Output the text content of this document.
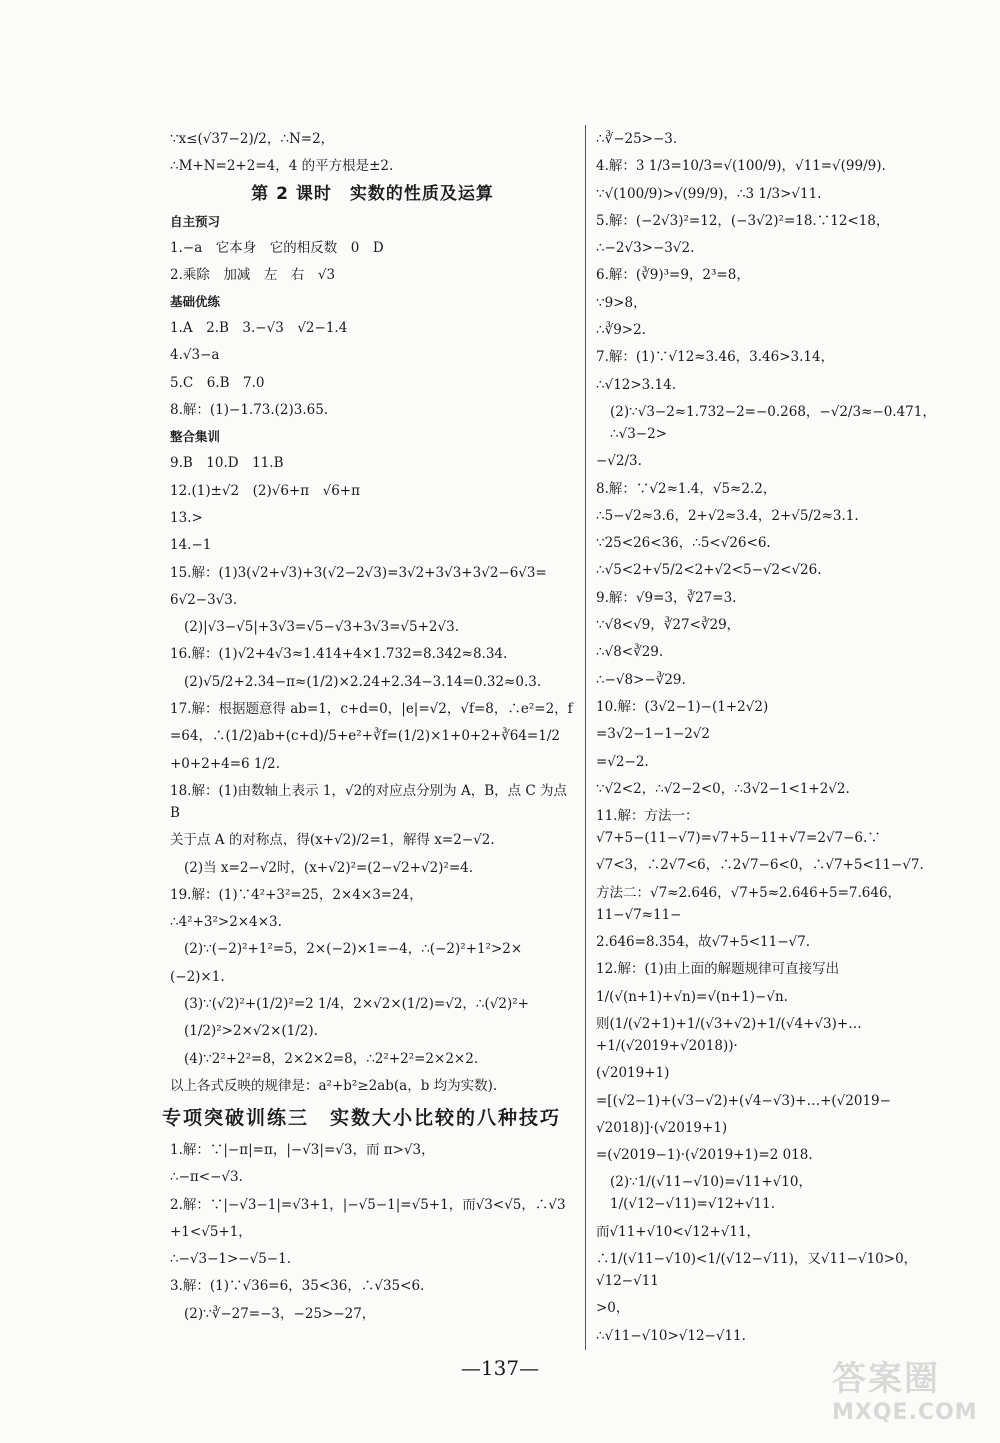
∵x≤(√37−2)/2，∴N=2，
∴M+N=2+2=4，4 的平方根是±2.
第 2 课时　实数的性质及运算
自主预习
1.−a　它本身　它的相反数　0　D
2.乘除　加减　左　右　√3
基础优练
1.A　2.B　3.−√3　√2−1.4
4.√3−a
5.C　6.B　7.0
8.解：(1)−1.73.(2)3.65.
整合集训
9.B　10.D　11.B
12.(1)±√2　(2)√6+π　√6+π
13.>
14.−1
15.解：(1)3(√2+√3)+3(√2−2√3)=3√2+3√3+3√2−6√3=
6√2−3√3.
(2)|√3−√5|+3√3=√5−√3+3√3=√5+2√3.
16.解：(1)√2+4√3≈1.414+4×1.732=8.342≈8.34.
(2)√5/2+2.34−π≈(1/2)×2.24+2.34−3.14=0.32≈0.3.
17.解：根据题意得 ab=1，c+d=0，|e|=√2，√f=8，∴e²=2，f
=64，∴(1/2)ab+(c+d)/5+e²+∛f=(1/2)×1+0+2+∛64=1/2
+0+2+4=6 1/2.
18.解：(1)由数轴上表示 1，√2的对应点分别为 A，B，点 C 为点 B
关于点 A 的对称点，得(x+√2)/2=1，解得 x=2−√2.
(2)当 x=2−√2时，(x+√2)²=(2−√2+√2)²=4.
19.解：(1)∵4²+3²=25，2×4×3=24，
∴4²+3²>2×4×3.
(2)∵(−2)²+1²=5，2×(−2)×1=−4，∴(−2)²+1²>2×
(−2)×1.
(3)∵(√2)²+(1/2)²=2 1/4，2×√2×(1/2)=√2，∴(√2)²+
(1/2)²>2×√2×(1/2).
(4)∵2²+2²=8，2×2×2=8，∴2²+2²=2×2×2.
以上各式反映的规律是：a²+b²≥2ab(a，b 均为实数).
专项突破训练三　实数大小比较的八种技巧
1.解：∵|−π|=π，|−√3|=√3，而 π>√3，
∴−π<−√3.
2.解：∵|−√3−1|=√3+1，|−√5−1|=√5+1，而√3<√5，∴√3
+1<√5+1，
∴−√3−1>−√5−1.
3.解：(1)∵√36=6，35<36，∴√35<6.
(2)∵∛−27=−3，−25>−27，
∴∛−25>−3.
4.解：3 1/3=10/3=√(100/9)，√11=√(99/9).
∵√(100/9)>√(99/9)，∴3 1/3>√11.
5.解：(−2√3)²=12，(−3√2)²=18.∵12<18，
∴−2√3>−3√2.
6.解：(∛9)³=9，2³=8，
∵9>8，
∴∛9>2.
7.解：(1)∵√12≈3.46，3.46>3.14，
∴√12>3.14.
(2)∵√3−2≈1.732−2=−0.268，−√2/3≈−0.471，∴√3−2>
−√2/3.
8.解：∵√2≈1.4，√5≈2.2，
∴5−√2≈3.6，2+√2≈3.4，2+√5/2≈3.1.
∵25<26<36，∴5<√26<6.
∴√5<2+√5/2<2+√2<5−√2<√26.
9.解：√9=3，∛27=3.
∵√8<√9，∛27<∛29，
∴√8<∛29.
∴−√8>−∛29.
10.解：(3√2−1)−(1+2√2)
=3√2−1−1−2√2
=√2−2.
∵√2<2，∴√2−2<0，∴3√2−1<1+2√2.
11.解：方法一：√7+5−(11−√7)=√7+5−11+√7=2√7−6.∵
√7<3，∴2√7<6，∴2√7−6<0，∴√7+5<11−√7.
方法二：√7≈2.646，√7+5≈2.646+5=7.646，11−√7≈11−
2.646=8.354，故√7+5<11−√7.
12.解：(1)由上面的解题规律可直接写出
1/(√(n+1)+√n)=√(n+1)−√n.
则(1/(√2+1)+1/(√3+√2)+1/(√4+√3)+…+1/(√2019+√2018))·
(√2019+1)
=[(√2−1)+(√3−√2)+(√4−√3)+…+(√2019−
√2018)]·(√2019+1)
=(√2019−1)·(√2019+1)=2 018.
(2)∵1/(√11−√10)=√11+√10，1/(√12−√11)=√12+√11.
而√11+√10<√12+√11，
∴1/(√11−√10)<1/(√12−√11)，又√11−√10>0，√12−√11
>0，
∴√11−√10>√12−√11.
—137—	答案圈
MXQE.COM
